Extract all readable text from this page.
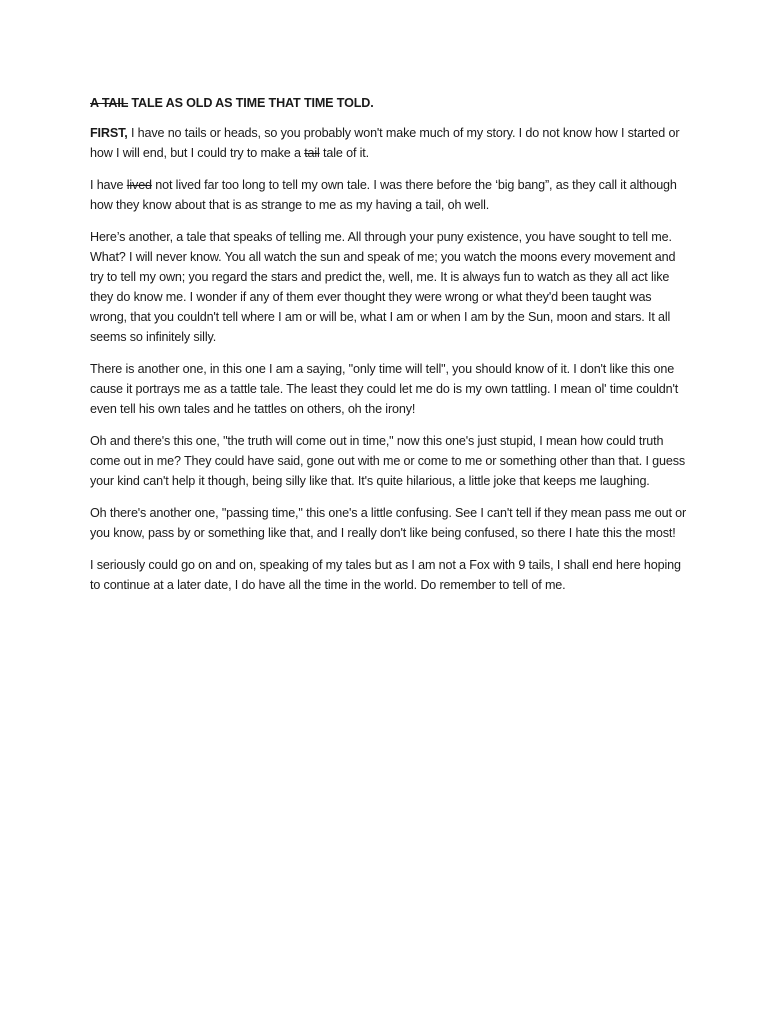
A TAIL TALE AS OLD AS TIME THAT TIME TOLD.

FIRST, I have no tails or heads, so you probably won't make much of my story. I do not know how I started or how I will end, but I could try to make a tail tale of it.

I have lived not lived far too long to tell my own tale. I was there before the ‘big bang”, as they call it although how they know about that is as strange to me as my having a tail, oh well.

Here’s another, a tale that speaks of telling me. All through your puny existence, you have sought to tell me. What? I will never know. You all watch the sun and speak of me; you watch the moons every movement and try to tell my own; you regard the stars and predict the, well, me. It is always fun to watch as they all act like they do know me. I wonder if any of them ever thought they were wrong or what they'd been taught was wrong, that you couldn't tell where I am or will be, what I am or when I am by the Sun, moon and stars. It all seems so infinitely silly.

There is another one, in this one I am a saying, "only time will tell", you should know of it. I don't like this one cause it portrays me as a tattle tale. The least they could let me do is my own tattling. I mean ol' time couldn't even tell his own tales and he tattles on others, oh the irony!

Oh and there's this one, "the truth will come out in time," now this one's just stupid, I mean how could truth come out in me? They could have said, gone out with me or come to me or something other than that. I guess your kind can't help it though, being silly like that. It's quite hilarious, a little joke that keeps me laughing.

Oh there's another one, "passing time," this one's a little confusing. See I can't tell if they mean pass me out or you know, pass by or something like that, and I really don't like being confused, so there I hate this the most!

I seriously could go on and on, speaking of my tales but as I am not a Fox with 9 tails, I shall end here hoping to continue at a later date, I do have all the time in the world. Do remember to tell of me.
